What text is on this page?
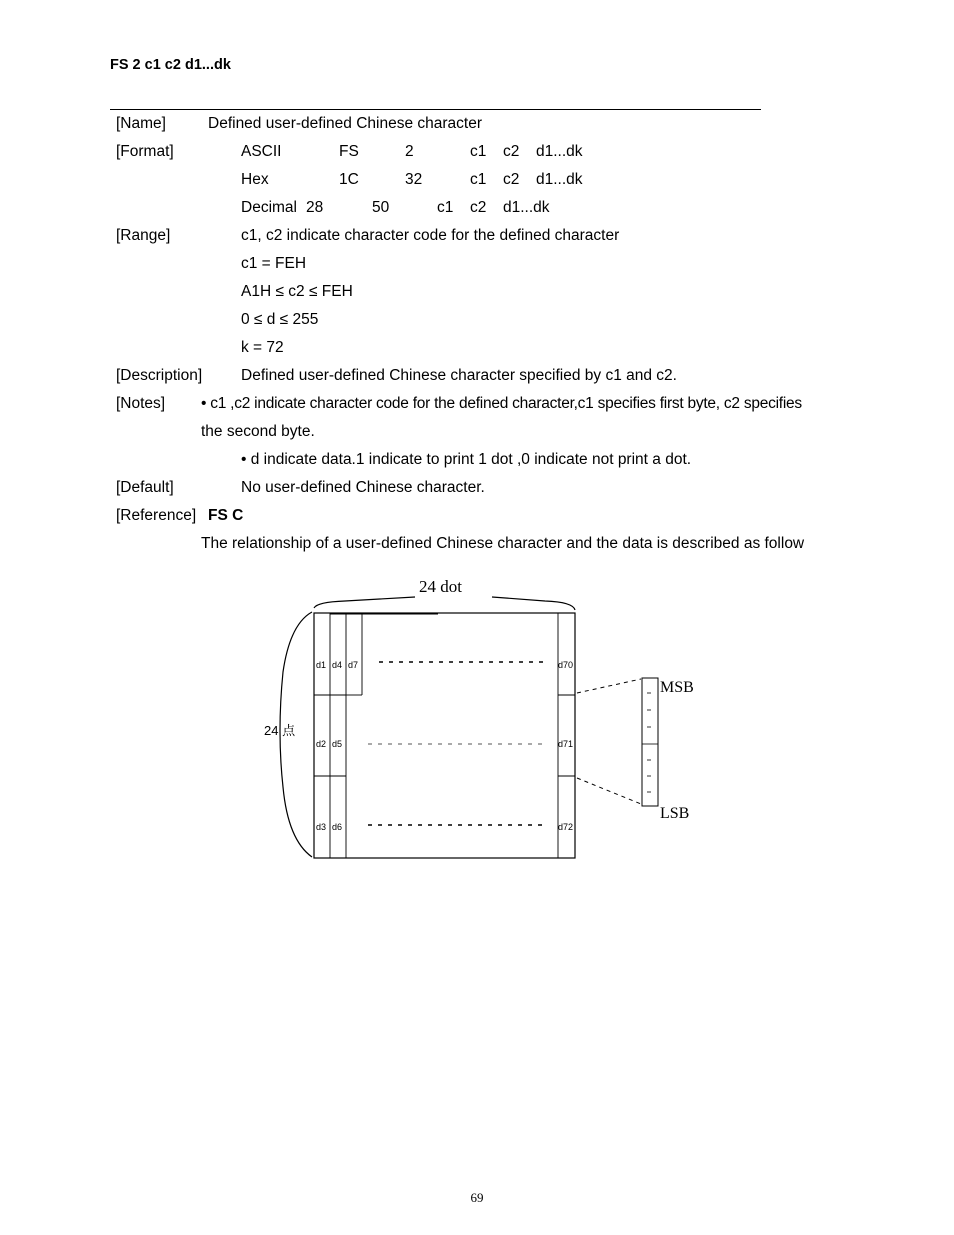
FS 2 c1 c2 d1...dk
[Name]	Defined user-defined Chinese character
[Format]	ASCII	FS	2	c1 c2 d1...dk
Hex	1C	32	c1 c2 d1...dk
Decimal 28	50	c1 c2 d1...dk
[Range]	c1, c2 indicate character code for the defined character
c1 = FEH
A1H ≤ c2 ≤ FEH
0 ≤ d ≤ 255
k = 72
[Description]	Defined user-defined Chinese character specified by c1 and c2.
[Notes] • c1 ,c2 indicate character code for the defined character,c1 specifies first byte, c2 specifies
the second byte.
• d indicate data.1 indicate to print 1 dot ,0 indicate not print a dot.
[Default]	No user-defined Chinese character.
[Reference] FS C
The relationship of a user-defined Chinese character and the data is described as follow
24 dot
24 点
d1 d4 d7
d2 d5
d3 d6
d70
d71
d72
MSB
LSB
69
